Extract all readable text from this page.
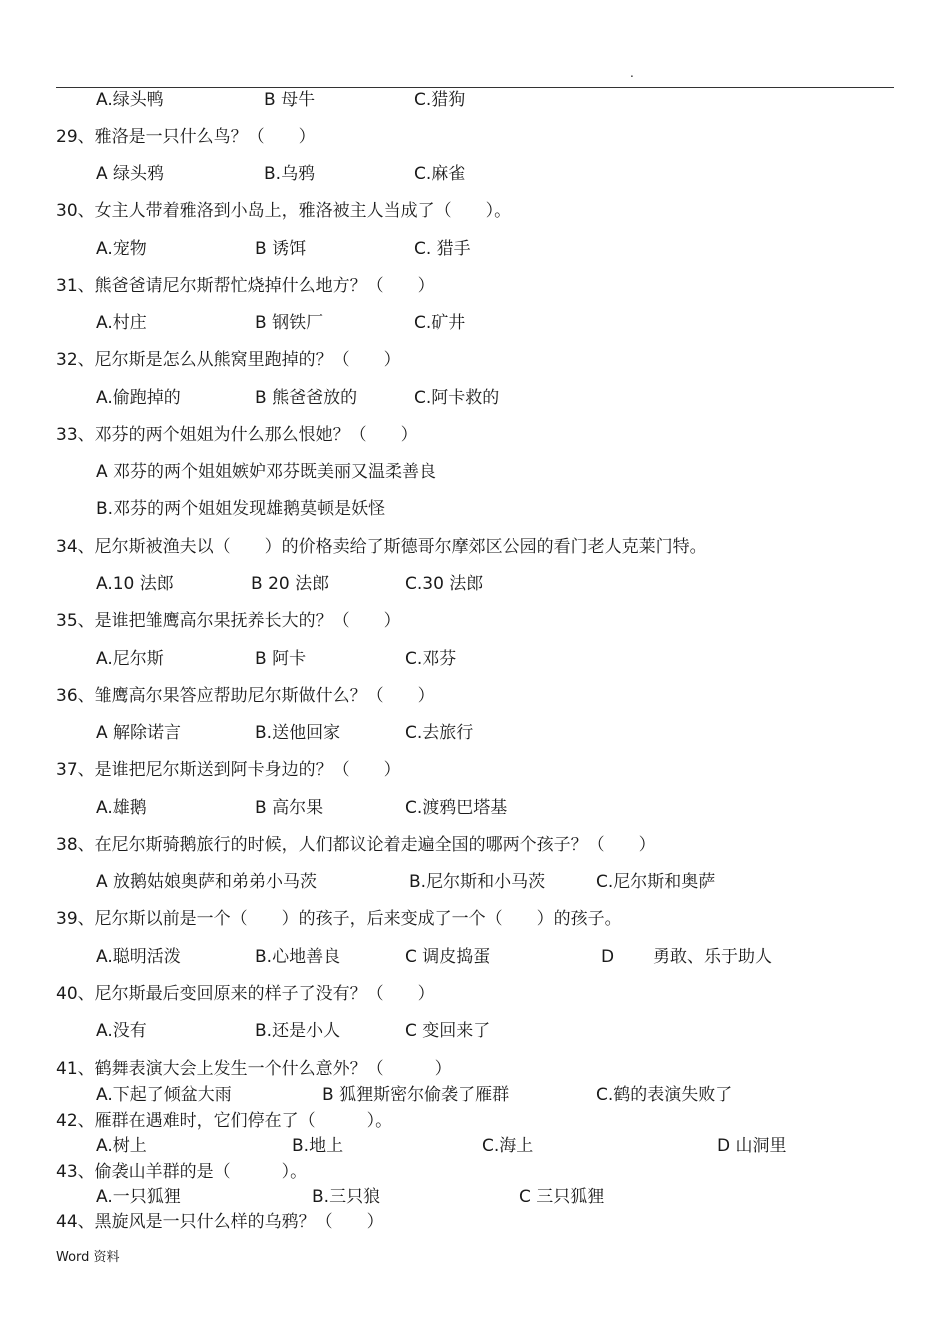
.
A.绿头鸭	B 母牛	C.猎狗
29、雅洛是一只什么鸟？（　　）
A 绿头鸦	B.乌鸦	C.麻雀
30、女主人带着雅洛到小岛上，雅洛被主人当成了（　　）。
A.宠物	B 诱饵	C. 猎手
31、熊爸爸请尼尔斯帮忙烧掉什么地方？（　　）
A.村庄	B 钢铁厂	C.矿井
32、尼尔斯是怎么从熊窝里跑掉的？（　　）
A.偷跑掉的	B 熊爸爸放的	C.阿卡救的
33、邓芬的两个姐姐为什么那么恨她？（　　）
A 邓芬的两个姐姐嫉妒邓芬既美丽又温柔善良
B.邓芬的两个姐姐发现雄鹅莫顿是妖怪
34、尼尔斯被渔夫以（　　）的价格卖给了斯德哥尔摩郊区公园的看门老人克莱门特。
A.10 法郎	B 20 法郎	C.30 法郎
35、是谁把雏鹰高尔果抚养长大的？（　　）
A.尼尔斯	B 阿卡	C.邓芬
36、雏鹰高尔果答应帮助尼尔斯做什么？（　　）
A 解除诺言	B.送他回家	C.去旅行
37、是谁把尼尔斯送到阿卡身边的？（　　）
A.雄鹅	B 高尔果	C.渡鸦巴塔基
38、在尼尔斯骑鹅旅行的时候，人们都议论着走遍全国的哪两个孩子？（　　）
A 放鹅姑娘奥萨和弟弟小马茨	B.尼尔斯和小马茨	C.尼尔斯和奥萨
39、尼尔斯以前是一个（　　）的孩子，后来变成了一个（　　）的孩子。
A.聪明活泼	B.心地善良	C 调皮捣蛋	D 勇敢、乐于助人
40、尼尔斯最后变回原来的样子了没有？（　　）
A.没有	B.还是小人	C 变回来了
41、鹤舞表演大会上发生一个什么意外？（　　　）
A.下起了倾盆大雨	B 狐狸斯密尔偷袭了雁群	C.鹤的表演失败了
42、雁群在遇难时，它们停在了（　　　）。
A.树上	B.地上	C.海上	D 山洞里
43、偷袭山羊群的是（　　　）。
A.一只狐狸	B.三只狼	C 三只狐狸
44、黑旋风是一只什么样的乌鸦？（　　）
Word 资料
